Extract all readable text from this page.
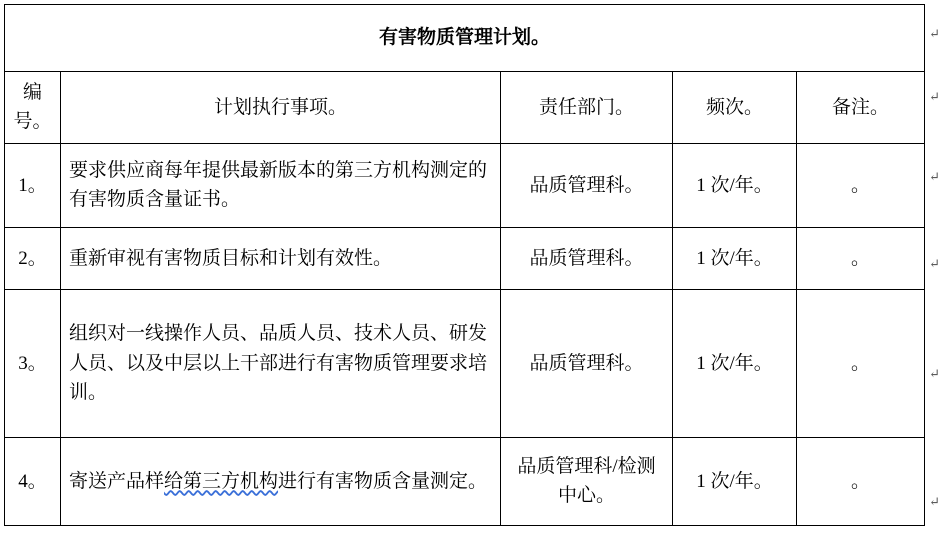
有害物质管理计划。				
编号。	计划执行事项。	责任部门。	频次。	备注。
1。	要求供应商每年提供最新版本的第三方机构测定的有害物质含量证书。	品质管理科。	1 次/年。	。
2。	重新审视有害物质目标和计划有效性。	品质管理科。	1 次/年。	。
3。	组织对一线操作人员、品质人员、技术人员、研发人员、以及中层以上干部进行有害物质管理要求培训。	品质管理科。	1 次/年。	。
4。	寄送产品样给第三方机构进行有害物质含量测定。	品质管理科/检测中心。	1 次/年。	。
↵
↵
↵
↵
↵
↵
